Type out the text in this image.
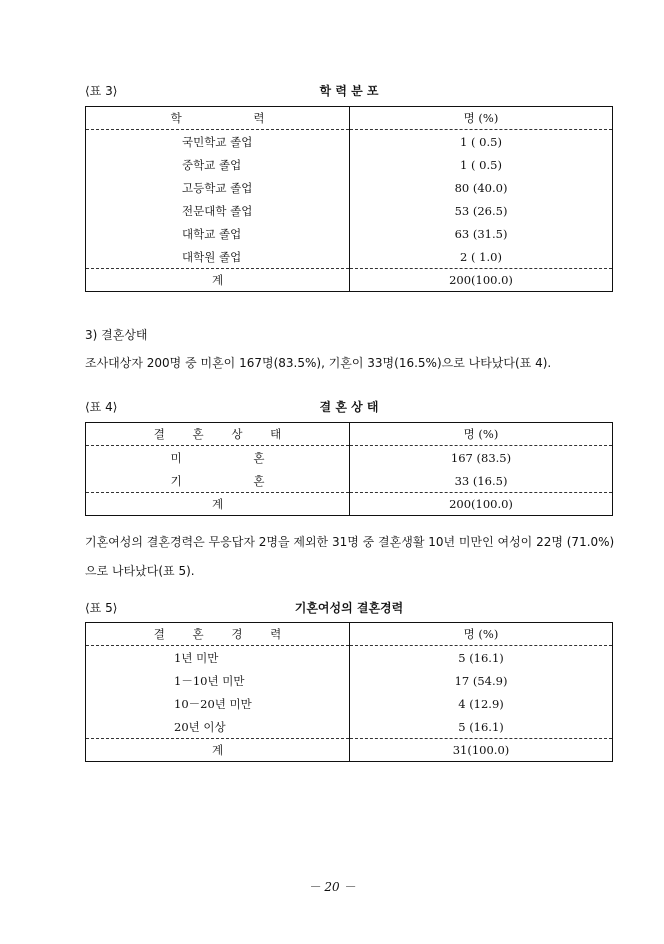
⟨표 3⟩	학 력 분 포
학 력	명 (%)

국민학교 졸업	1 ( 0.5)

중학교 졸업	1 ( 0.5)

고등학교 졸업	80 (40.0)

전문대학 졸업	53 (26.5)

대학교 졸업	63 (31.5)

대학원 졸업	2 ( 1.0)
계	200(100.0)
3) 결혼상태
조사대상자 200명 중 미혼이 167명(83.5%), 기혼이 33명(16.5%)으로 나타났다(표 4).
⟨표 4⟩	결 혼 상 태
결 혼 상 태	명 (%)
미 혼	167 (83.5)
기 혼	33 (16.5)
계	200(100.0)
기혼여성의 결혼경력은 무응답자 2명을 제외한 31명 중 결혼생활 10년 미만인 여성이 22명 (71.0%)으로 나타났다(표 5).
⟨표 5⟩	기혼여성의 결혼경력
결 혼 경 력	명 (%)

1년 미만	5 (16.1)

1－10년 미만	17 (54.9)

10－20년 미만	4 (12.9)

20년 이상	5 (16.1)
계	31(100.0)
－ 20 －
